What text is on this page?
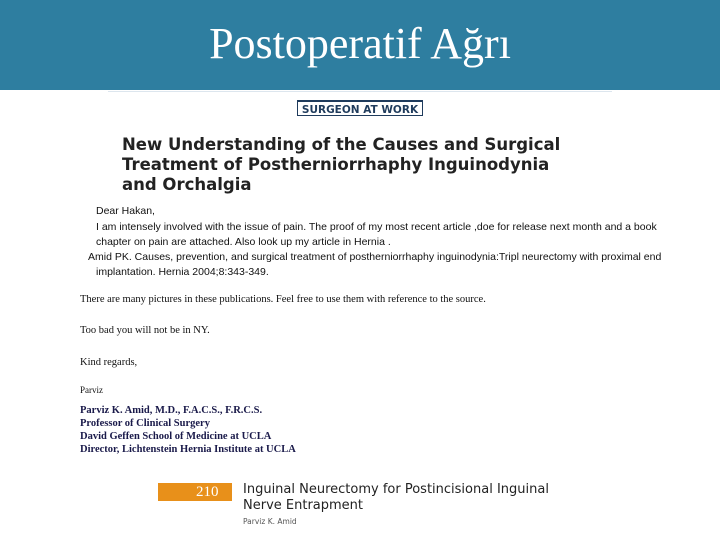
Postoperatif Ağrı
SURGEON AT WORK
New Understanding of the Causes and Surgical
Treatment of Postherniorrhaphy Inguinodynia
and Orchalgia
Dear Hakan,
I am intensely involved with the issue of pain. The proof of my most recent article ,doe for release next month and a book
chapter on pain are attached. Also look up my article in Hernia .
Amid PK. Causes, prevention, and surgical treatment of postherniorrhaphy inguinodynia:Tripl neurectomy with proximal end
implantation. Hernia 2004;8:343-349.
There are many pictures in these publications. Feel free to use them with reference to the source.
Too bad you will not be in NY.
Kind regards,
Parviz
Parviz K. Amid, M.D., F.A.C.S., F.R.C.S.
Professor of Clinical Surgery
David Geffen School of Medicine at UCLA
Director, Lichtenstein Hernia Institute at UCLA
210 Inguinal Neurectomy for Postincisional Inguinal Nerve Entrapment
Parviz K. Amid
